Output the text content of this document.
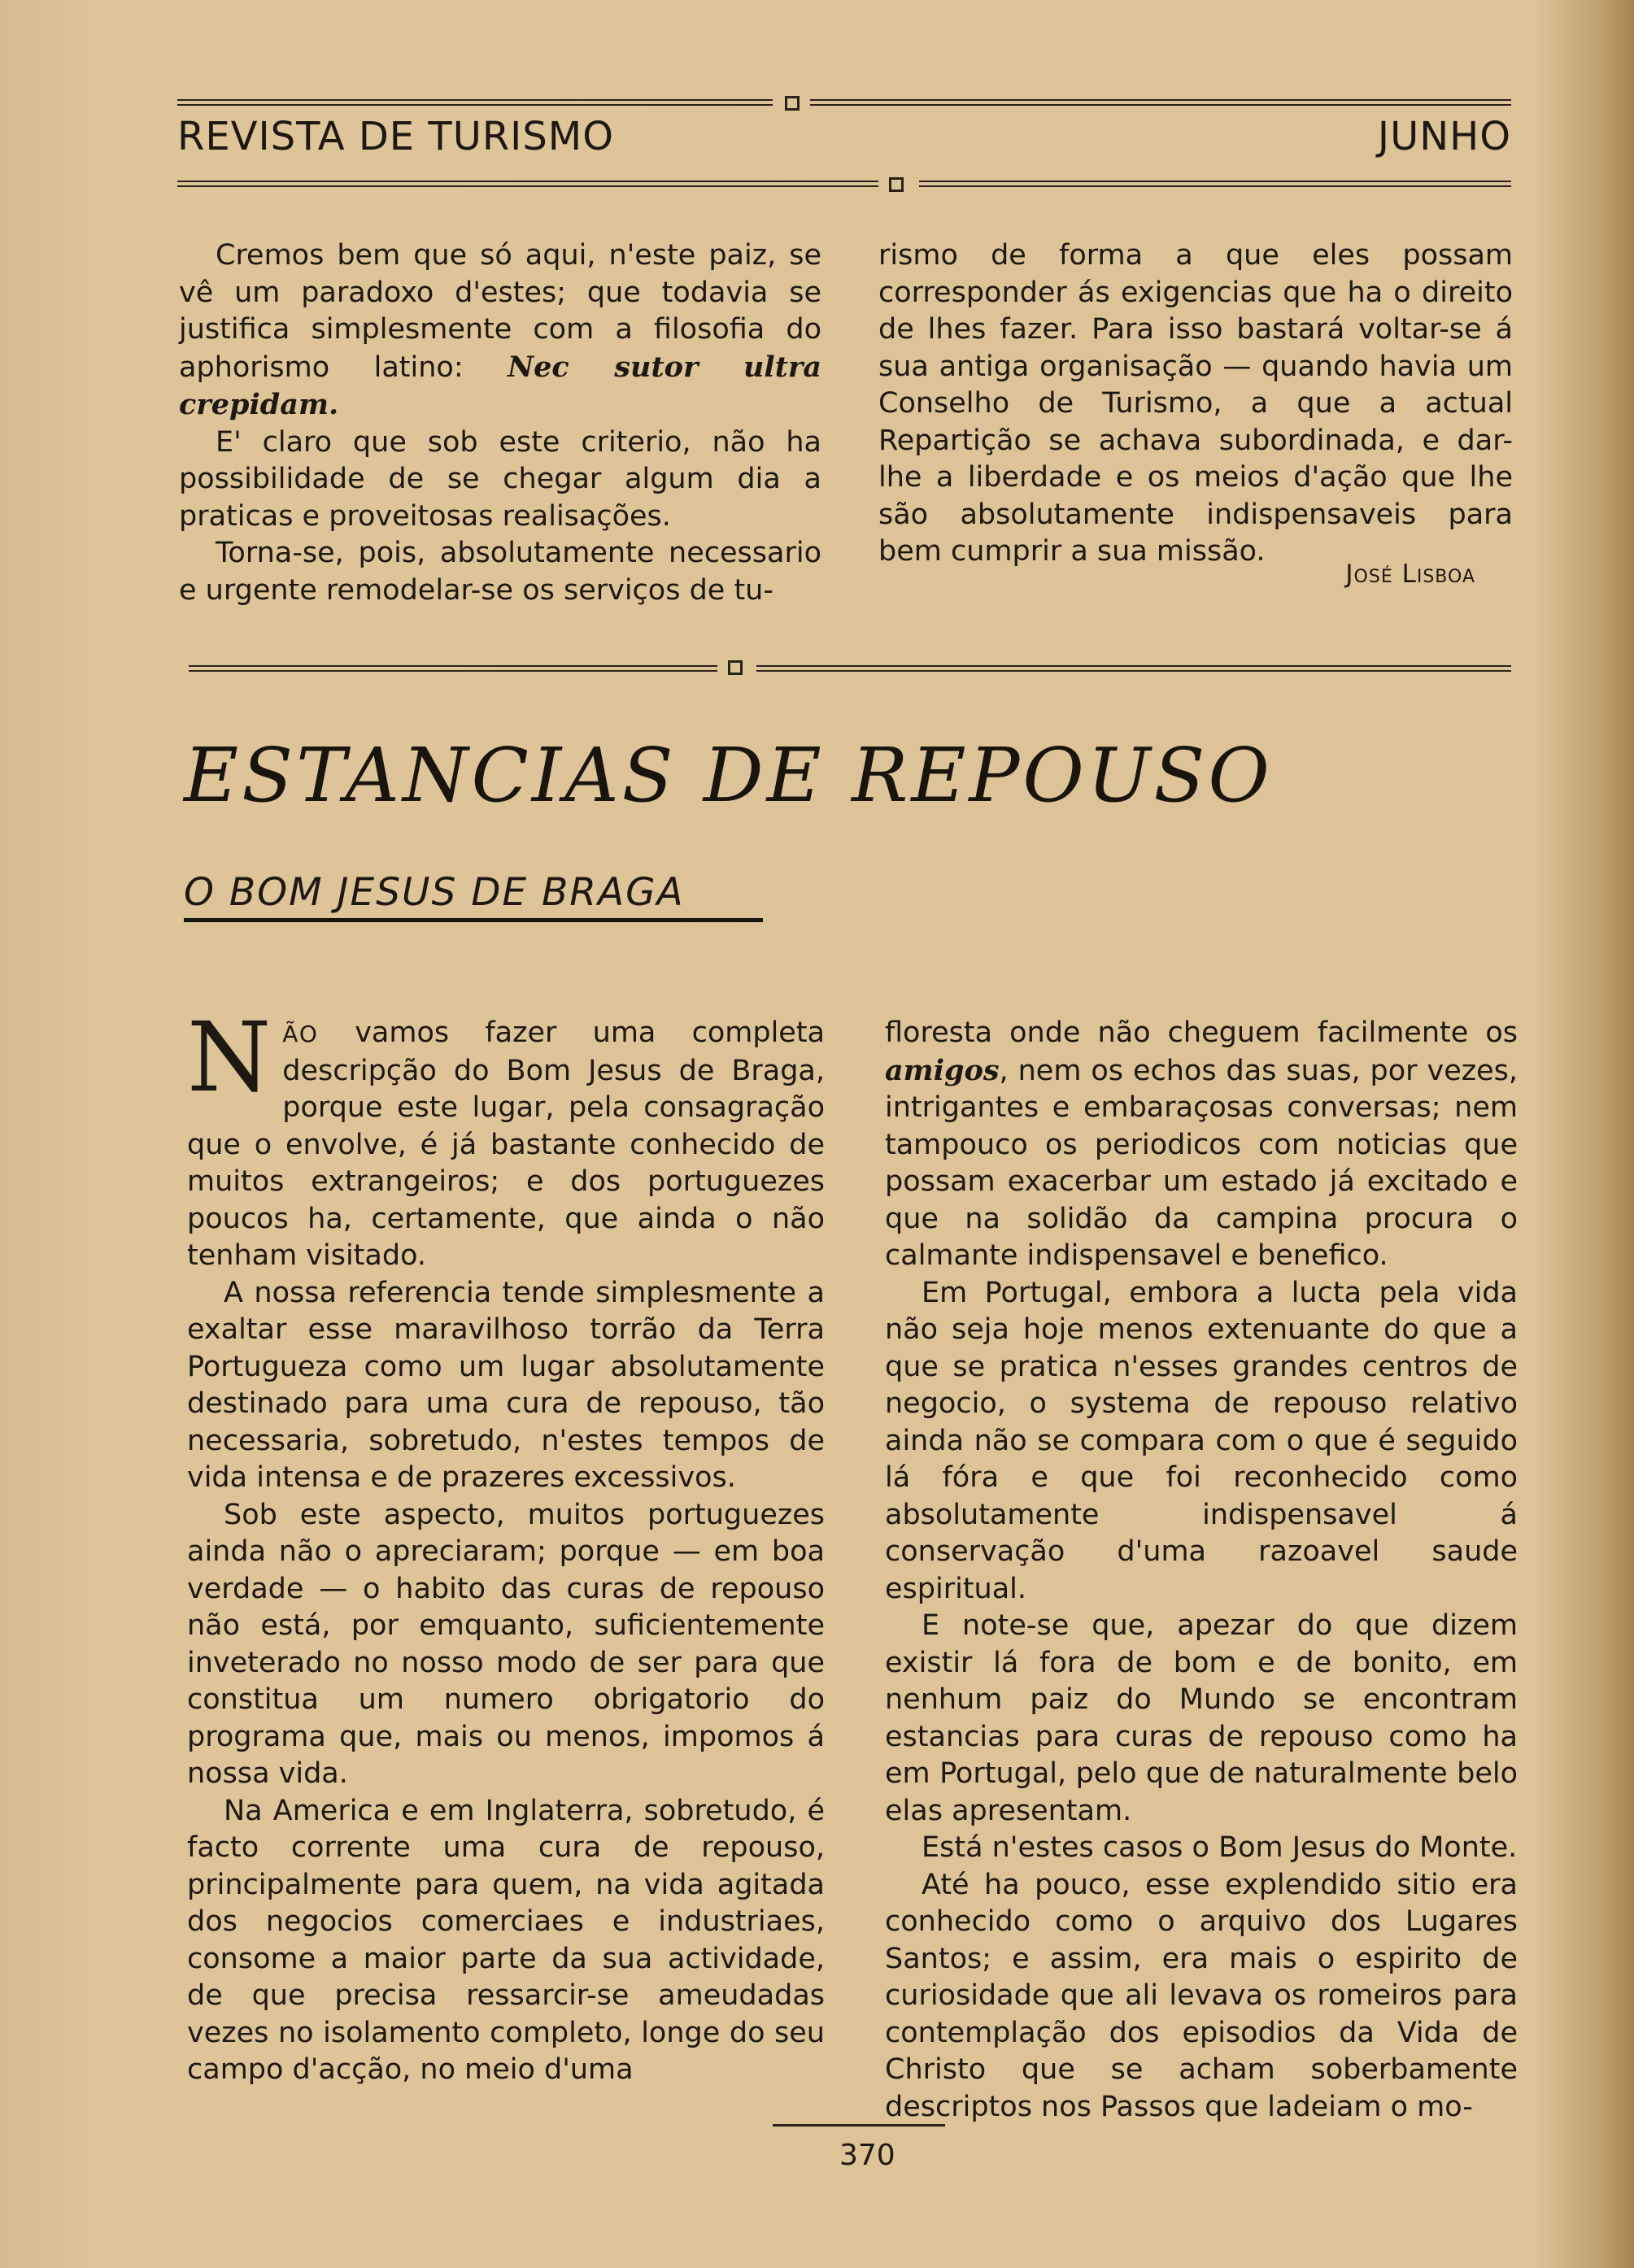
REVISTA DE TURISMO	JUNHO

Cremos bem que só aqui, n'este paiz, se vê um paradoxo d'estes; que todavia se justifica simplesmente com a filosofia do aphorismo latino: Nec sutor ultra crepidam.

E' claro que sob este criterio, não ha possibilidade de se chegar algum dia a praticas e proveitosas realisações.

Torna-se, pois, absolutamente necessario e urgente remodelar-se os serviços de tu-

rismo de forma a que eles possam corresponder ás exigencias que ha o direito de lhes fazer. Para isso bastará voltar-se á sua antiga organisação — quando havia um Conselho de Turismo, a que a actual Repartição se achava subordinada, e dar-lhe a liberdade e os meios d'ação que lhe são absolutamente indispensaveis para bem cumprir a sua missão.

José Lisboa
ESTANCIAS DE REPOUSO
O BOM JESUS DE BRAGA

NÃO vamos fazer uma completa descripção do Bom Jesus de Braga, porque este lugar, pela consagração que o envolve, é já bastante conhecido de muitos extrangeiros; e dos portuguezes poucos ha, certamente, que ainda o não tenham visitado.

A nossa referencia tende simplesmente a exaltar esse maravilhoso torrão da Terra Portugueza como um lugar absolutamente destinado para uma cura de repouso, tão necessaria, sobretudo, n'estes tempos de vida intensa e de prazeres excessivos.

Sob este aspecto, muitos portuguezes ainda não o apreciaram; porque — em boa verdade — o habito das curas de repouso não está, por emquanto, suficientemente inveterado no nosso modo de ser para que constitua um numero obrigatorio do programa que, mais ou menos, impomos á nossa vida.

Na America e em Inglaterra, sobretudo, é facto corrente uma cura de repouso, principalmente para quem, na vida agitada dos negocios comerciaes e industriaes, consome a maior parte da sua actividade, de que precisa ressarcir-se ameudadas vezes no isolamento completo, longe do seu campo d'acção, no meio d'uma

floresta onde não cheguem facilmente os amigos, nem os echos das suas, por vezes, intrigantes e embaraçosas conversas; nem tampouco os periodicos com noticias que possam exacerbar um estado já excitado e que na solidão da campina procura o calmante indispensavel e benefico.

Em Portugal, embora a lucta pela vida não seja hoje menos extenuante do que a que se pratica n'esses grandes centros de negocio, o systema de repouso relativo ainda não se compara com o que é seguido lá fóra e que foi reconhecido como absolutamente indispensavel á conservação d'uma razoavel saude espiritual.

E note-se que, apezar do que dizem existir lá fora de bom e de bonito, em nenhum paiz do Mundo se encontram estancias para curas de repouso como ha em Portugal, pelo que de naturalmente belo elas apresentam.

Está n'estes casos o Bom Jesus do Monte.

Até ha pouco, esse explendido sitio era conhecido como o arquivo dos Lugares Santos; e assim, era mais o espirito de curiosidade que ali levava os romeiros para contemplação dos episodios da Vida de Christo que se acham soberbamente descriptos nos Passos que ladeiam o mo-

370
